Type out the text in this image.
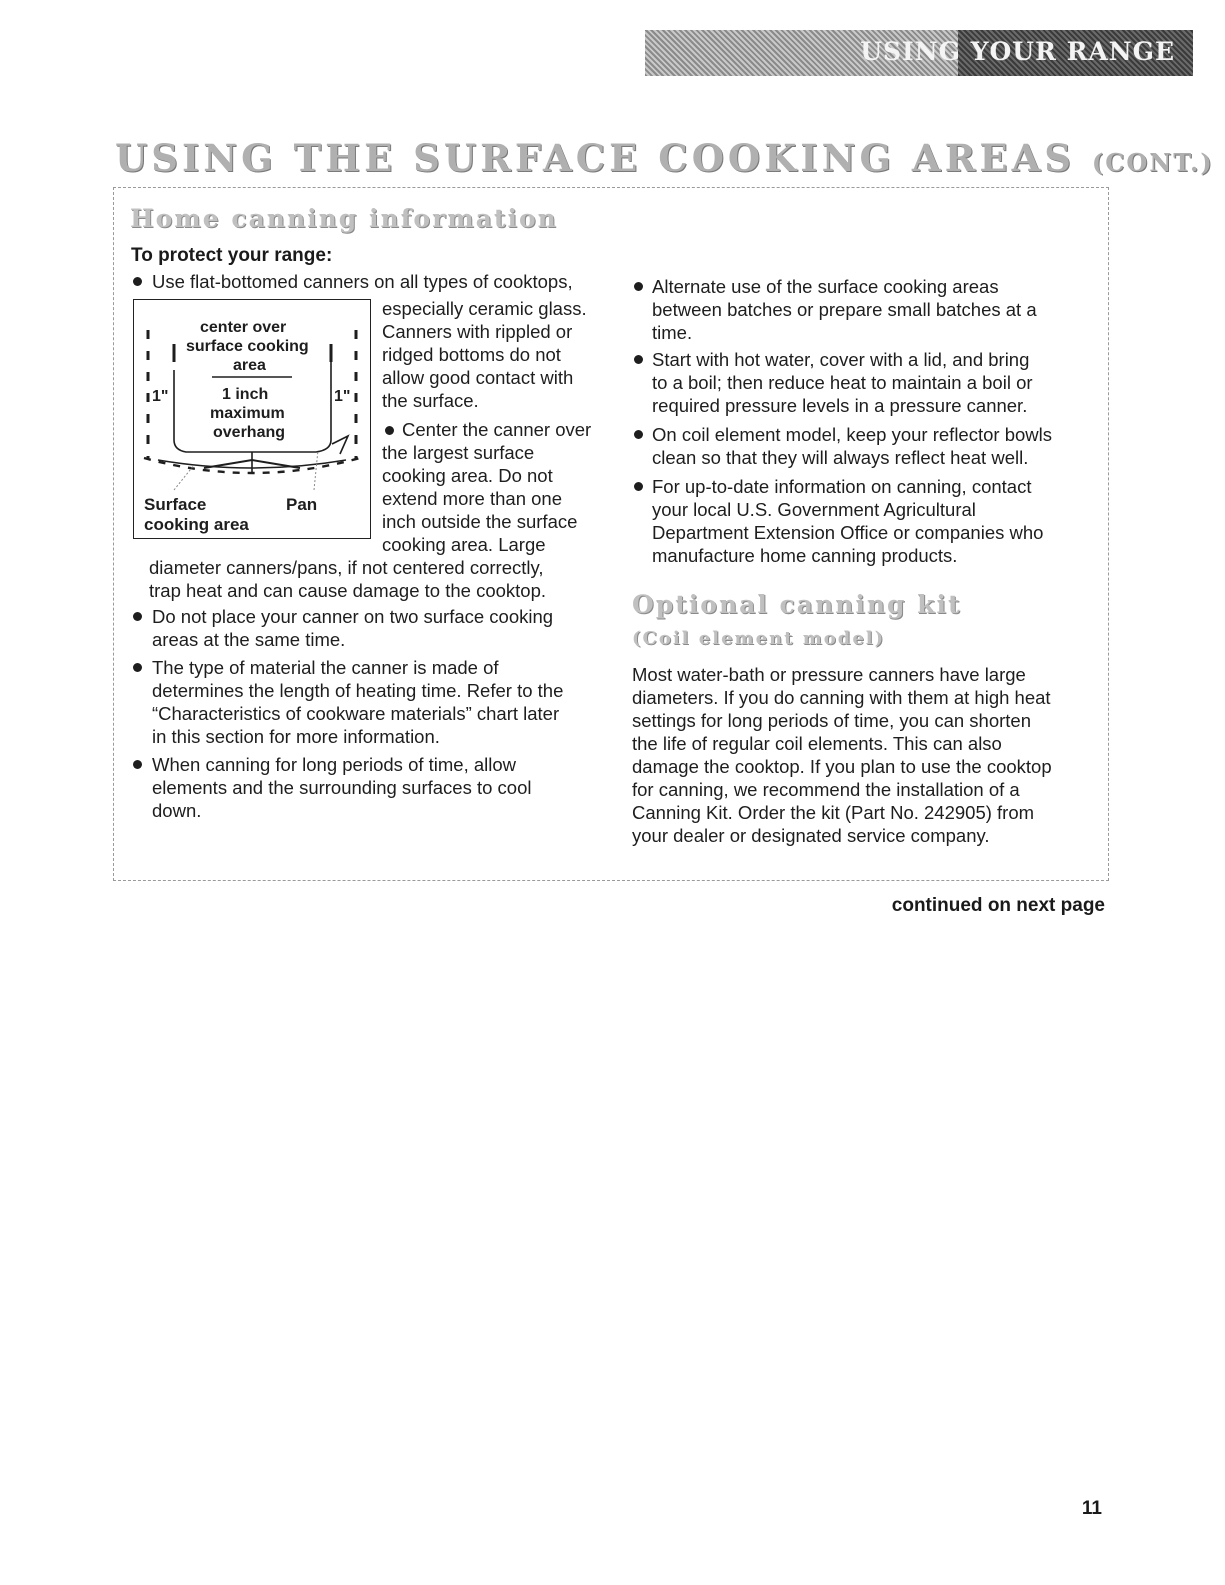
USING YOUR RANGE
USING THE SURFACE COOKING AREAS (CONT.)
Home canning information
To protect your range:
Use flat-bottomed canners on all types of cooktops,
especially ceramic glass.
Canners with rippled or
ridged bottoms do not
allow good contact with
the surface.
center over
surface cooking
area
1 inch
maximum
overhang
1"	1"
Surface
cooking area
Pan
Center the canner over
the largest surface
cooking area. Do not
extend more than one
inch outside the surface
cooking area. Large
diameter canners/pans, if not centered correctly,
trap heat and can cause damage to the cooktop.
Do not place your canner on two surface cooking
areas at the same time.
The type of material the canner is made of
determines the length of heating time. Refer to the
“Characteristics of cookware materials” chart later
in this section for more information.
When canning for long periods of time, allow
elements and the surrounding surfaces to cool
down.
Alternate use of the surface cooking areas
between batches or prepare small batches at a
time.
Start with hot water, cover with a lid, and bring
to a boil; then reduce heat to maintain a boil or
required pressure levels in a pressure canner.
On coil element model, keep your reflector bowls
clean so that they will always reflect heat well.
For up-to-date information on canning, contact
your local U.S. Government Agricultural
Department Extension Office or companies who
manufacture home canning products.
Optional canning kit
(Coil element model)
Most water-bath or pressure canners have large
diameters. If you do canning with them at high heat
settings for long periods of time, you can shorten
the life of regular coil elements. This can also
damage the cooktop. If you plan to use the cooktop
for canning, we recommend the installation of a
Canning Kit. Order the kit (Part No. 242905) from
your dealer or designated service company.
continued on next page
11
